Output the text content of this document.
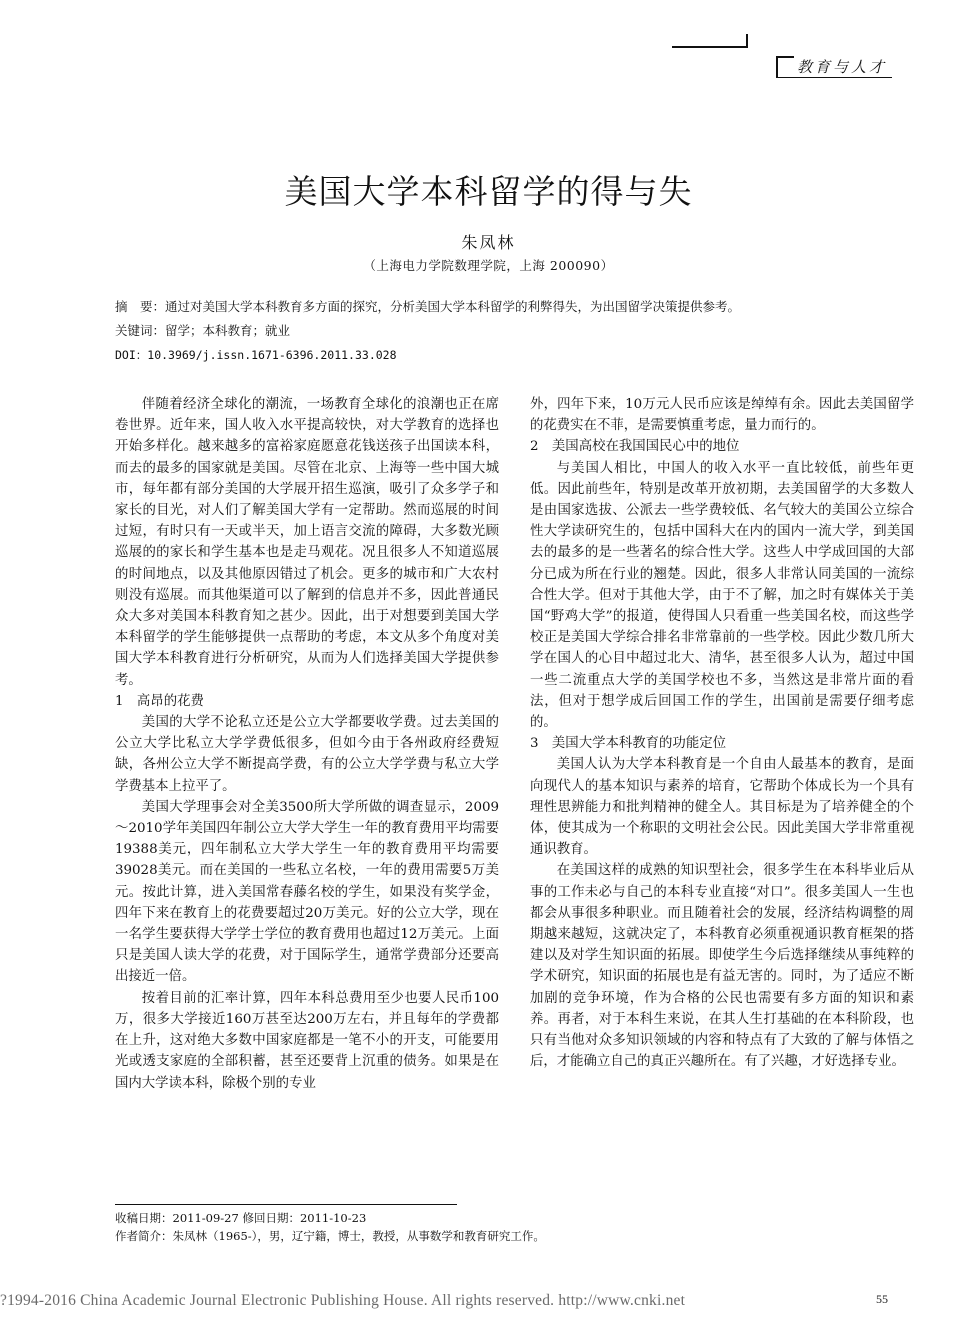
教育与人才
美国大学本科留学的得与失
朱凤林
（上海电力学院数理学院，上海 200090）
摘　要：通过对美国大学本科教育多方面的探究，分析美国大学本科留学的利弊得失，为出国留学决策提供参考。
关键词：留学；本科教育；就业
DOI：10.3969/j.issn.1671-6396.2011.33.028

伴随着经济全球化的潮流，一场教育全球化的浪潮也正在席卷世界。近年来，国人收入水平提高较快，对大学教育的选择也开始多样化。越来越多的富裕家庭愿意花钱送孩子出国读本科，而去的最多的国家就是美国。尽管在北京、上海等一些中国大城市，每年都有部分美国的大学展开招生巡演，吸引了众多学子和家长的目光，对人们了解美国大学有一定帮助。然而巡展的时间过短，有时只有一天或半天，加上语言交流的障碍，大多数光顾巡展的的家长和学生基本也是走马观花。况且很多人不知道巡展的时间地点，以及其他原因错过了机会。更多的城市和广大农村则没有巡展。而其他渠道可以了解到的信息并不多，因此普通民众大多对美国本科教育知之甚少。因此，出于对想要到美国大学本科留学的学生能够提供一点帮助的考虑，本文从多个角度对美国大学本科教育进行分析研究，从而为人们选择美国大学提供参考。

1　高昂的花费

美国的大学不论私立还是公立大学都要收学费。过去美国的公立大学比私立大学学费低很多，但如今由于各州政府经费短缺，各州公立大学不断提高学费，有的公立大学学费与私立大学学费基本上拉平了。

美国大学理事会对全美3500所大学所做的调查显示，2009～2010学年美国四年制公立大学大学生一年的教育费用平均需要19388美元，四年制私立大学大学生一年的教育费用平均需要39028美元。而在美国的一些私立名校，一年的费用需要5万美元。按此计算，进入美国常春藤名校的学生，如果没有奖学金，四年下来在教育上的花费要超过20万美元。好的公立大学，现在一名学生要获得大学学士学位的教育费用也超过12万美元。上面只是美国人读大学的花费，对于国际学生，通常学费部分还要高出接近一倍。

按着目前的汇率计算，四年本科总费用至少也要人民币100万，很多大学接近160万甚至达200万左右，并且每年的学费都在上升，这对绝大多数中国家庭都是一笔不小的开支，可能要用光或透支家庭的全部积蓄，甚至还要背上沉重的债务。如果是在国内大学读本科，除极个别的专业

外，四年下来，10万元人民币应该是绰绰有余。因此去美国留学的花费实在不菲，是需要慎重考虑，量力而行的。

2　美国高校在我国国民心中的地位

与美国人相比，中国人的收入水平一直比较低，前些年更低。因此前些年，特别是改革开放初期，去美国留学的大多数人是由国家选拔、公派去一些学费较低、名气较大的美国公立综合性大学读研究生的，包括中国科大在内的国内一流大学，到美国去的最多的是一些著名的综合性大学。这些人中学成回国的大部分已成为所在行业的翘楚。因此，很多人非常认同美国的一流综合性大学。但对于其他大学，由于不了解，加之时有媒体关于美国“野鸡大学”的报道，使得国人只看重一些美国名校，而这些学校正是美国大学综合排名非常靠前的一些学校。因此少数几所大学在国人的心目中超过北大、清华，甚至很多人认为，超过中国一些二流重点大学的美国学校也不多，当然这是非常片面的看法，但对于想学成后回国工作的学生，出国前是需要仔细考虑的。

3　美国大学本科教育的功能定位

美国人认为大学本科教育是一个自由人最基本的教育，是面向现代人的基本知识与素养的培育，它帮助个体成长为一个具有理性思辨能力和批判精神的健全人。其目标是为了培养健全的个体，使其成为一个称职的文明社会公民。因此美国大学非常重视通识教育。

在美国这样的成熟的知识型社会，很多学生在本科毕业后从事的工作未必与自己的本科专业直接“对口”。很多美国人一生也都会从事很多种职业。而且随着社会的发展，经济结构调整的周期越来越短，这就决定了，本科教育必须重视通识教育框架的搭建以及对学生知识面的拓展。即使学生今后选择继续从事纯粹的学术研究，知识面的拓展也是有益无害的。同时，为了适应不断加剧的竞争环境，作为合格的公民也需要有多方面的知识和素养。再者，对于本科生来说，在其人生打基础的在本科阶段，也只有当他对众多知识领域的内容和特点有了大致的了解与体悟之后，才能确立自己的真正兴趣所在。有了兴趣，才好选择专业。

收稿日期：2011-09-27 修回日期：2011-10-23
作者简介：朱凤林（1965-），男，辽宁籍，博士，教授，从事数学和教育研究工作。
?1994-2016 China Academic Journal Electronic Publishing House. All rights reserved. http://www.cnki.net	55
